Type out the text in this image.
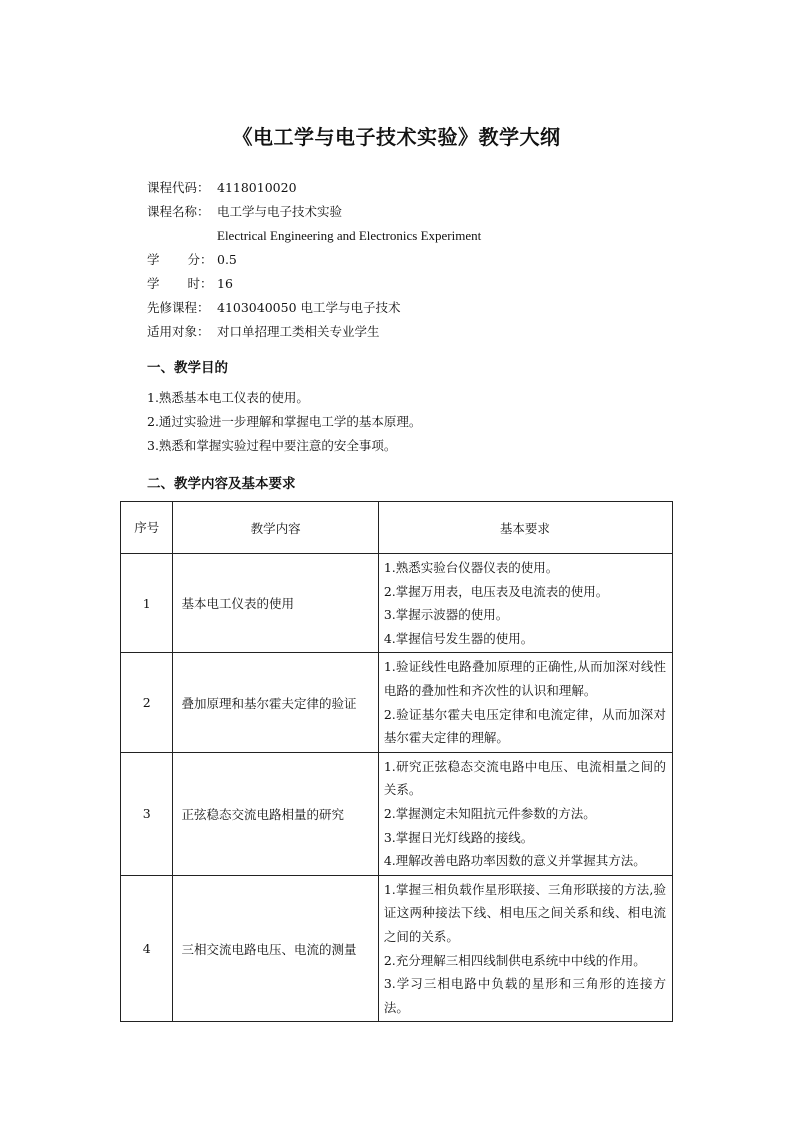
《电工学与电子技术实验》教学大纲
课程代码： 4118010020
课程名称： 电工学与电子技术实验
Electrical Engineering and Electronics Experiment
学 分： 0.5
学 时： 16
先修课程： 4103040050 电工学与电子技术
适用对象： 对口单招理工类相关专业学生
一、教学目的
1.熟悉基本电工仪表的使用。
2.通过实验进一步理解和掌握电工学的基本原理。
3.熟悉和掌握实验过程中要注意的安全事项。
二、教学内容及基本要求
序号	教学内容	基本要求
1	基本电工仪表的使用	1.熟悉实验台仪器仪表的使用。
2.掌握万用表，电压表及电流表的使用。
3.掌握示波器的使用。
4.掌握信号发生器的使用。

2	叠加原理和基尔霍夫定律的验证	1.验证线性电路叠加原理的正确性,从而加深对线性电路的叠加性和齐次性的认识和理解。
2.验证基尔霍夫电压定律和电流定律，从而加深对基尔霍夫定律的理解。

3	正弦稳态交流电路相量的研究	1.研究正弦稳态交流电路中电压、电流相量之间的关系。
2.掌握测定未知阻抗元件参数的方法。
3.掌握日光灯线路的接线。
4.理解改善电路功率因数的意义并掌握其方法。

4	三相交流电路电压、电流的测量	1.掌握三相负载作星形联接、三角形联接的方法,验证这两种接法下线、相电压之间关系和线、相电流之间的关系。
2.充分理解三相四线制供电系统中中线的作用。
3.学习三相电路中负载的星形和三角形的连接方法。
